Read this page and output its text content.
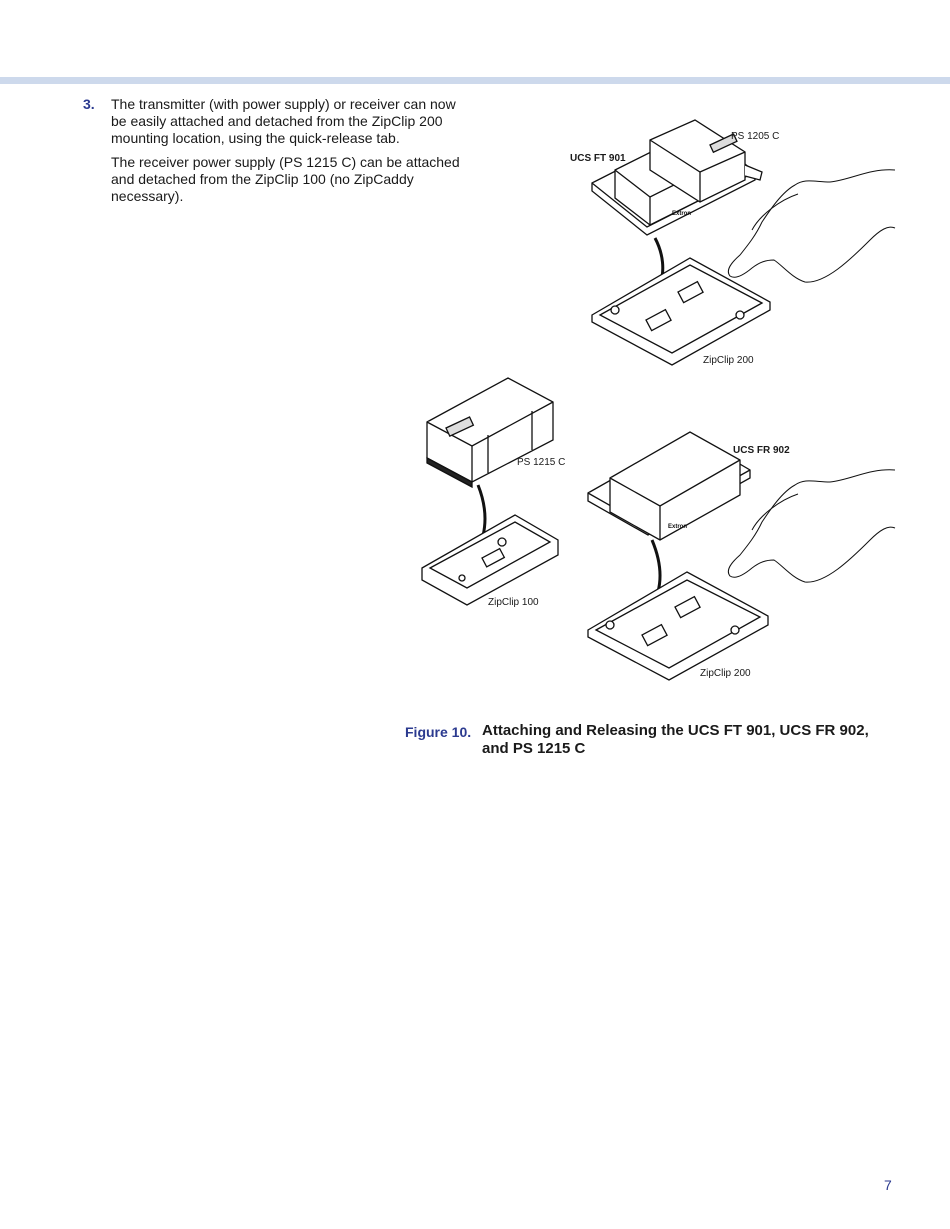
3. The transmitter (with power supply) or receiver can now be easily attached and detached from the ZipClip 200 mounting location, using the quick-release tab.

The receiver power supply (PS 1215 C) can be attached and detached from the ZipClip 100 (no ZipCaddy necessary).

Extron
Extron
UCS FT 901
PS 1205 C
ZipClip 200
PS 1215 C
UCS FR 902
ZipClip 100
ZipClip 200
Figure 10. Attaching and Releasing the UCS FT 901, UCS FR 902, and PS 1215 C
7
